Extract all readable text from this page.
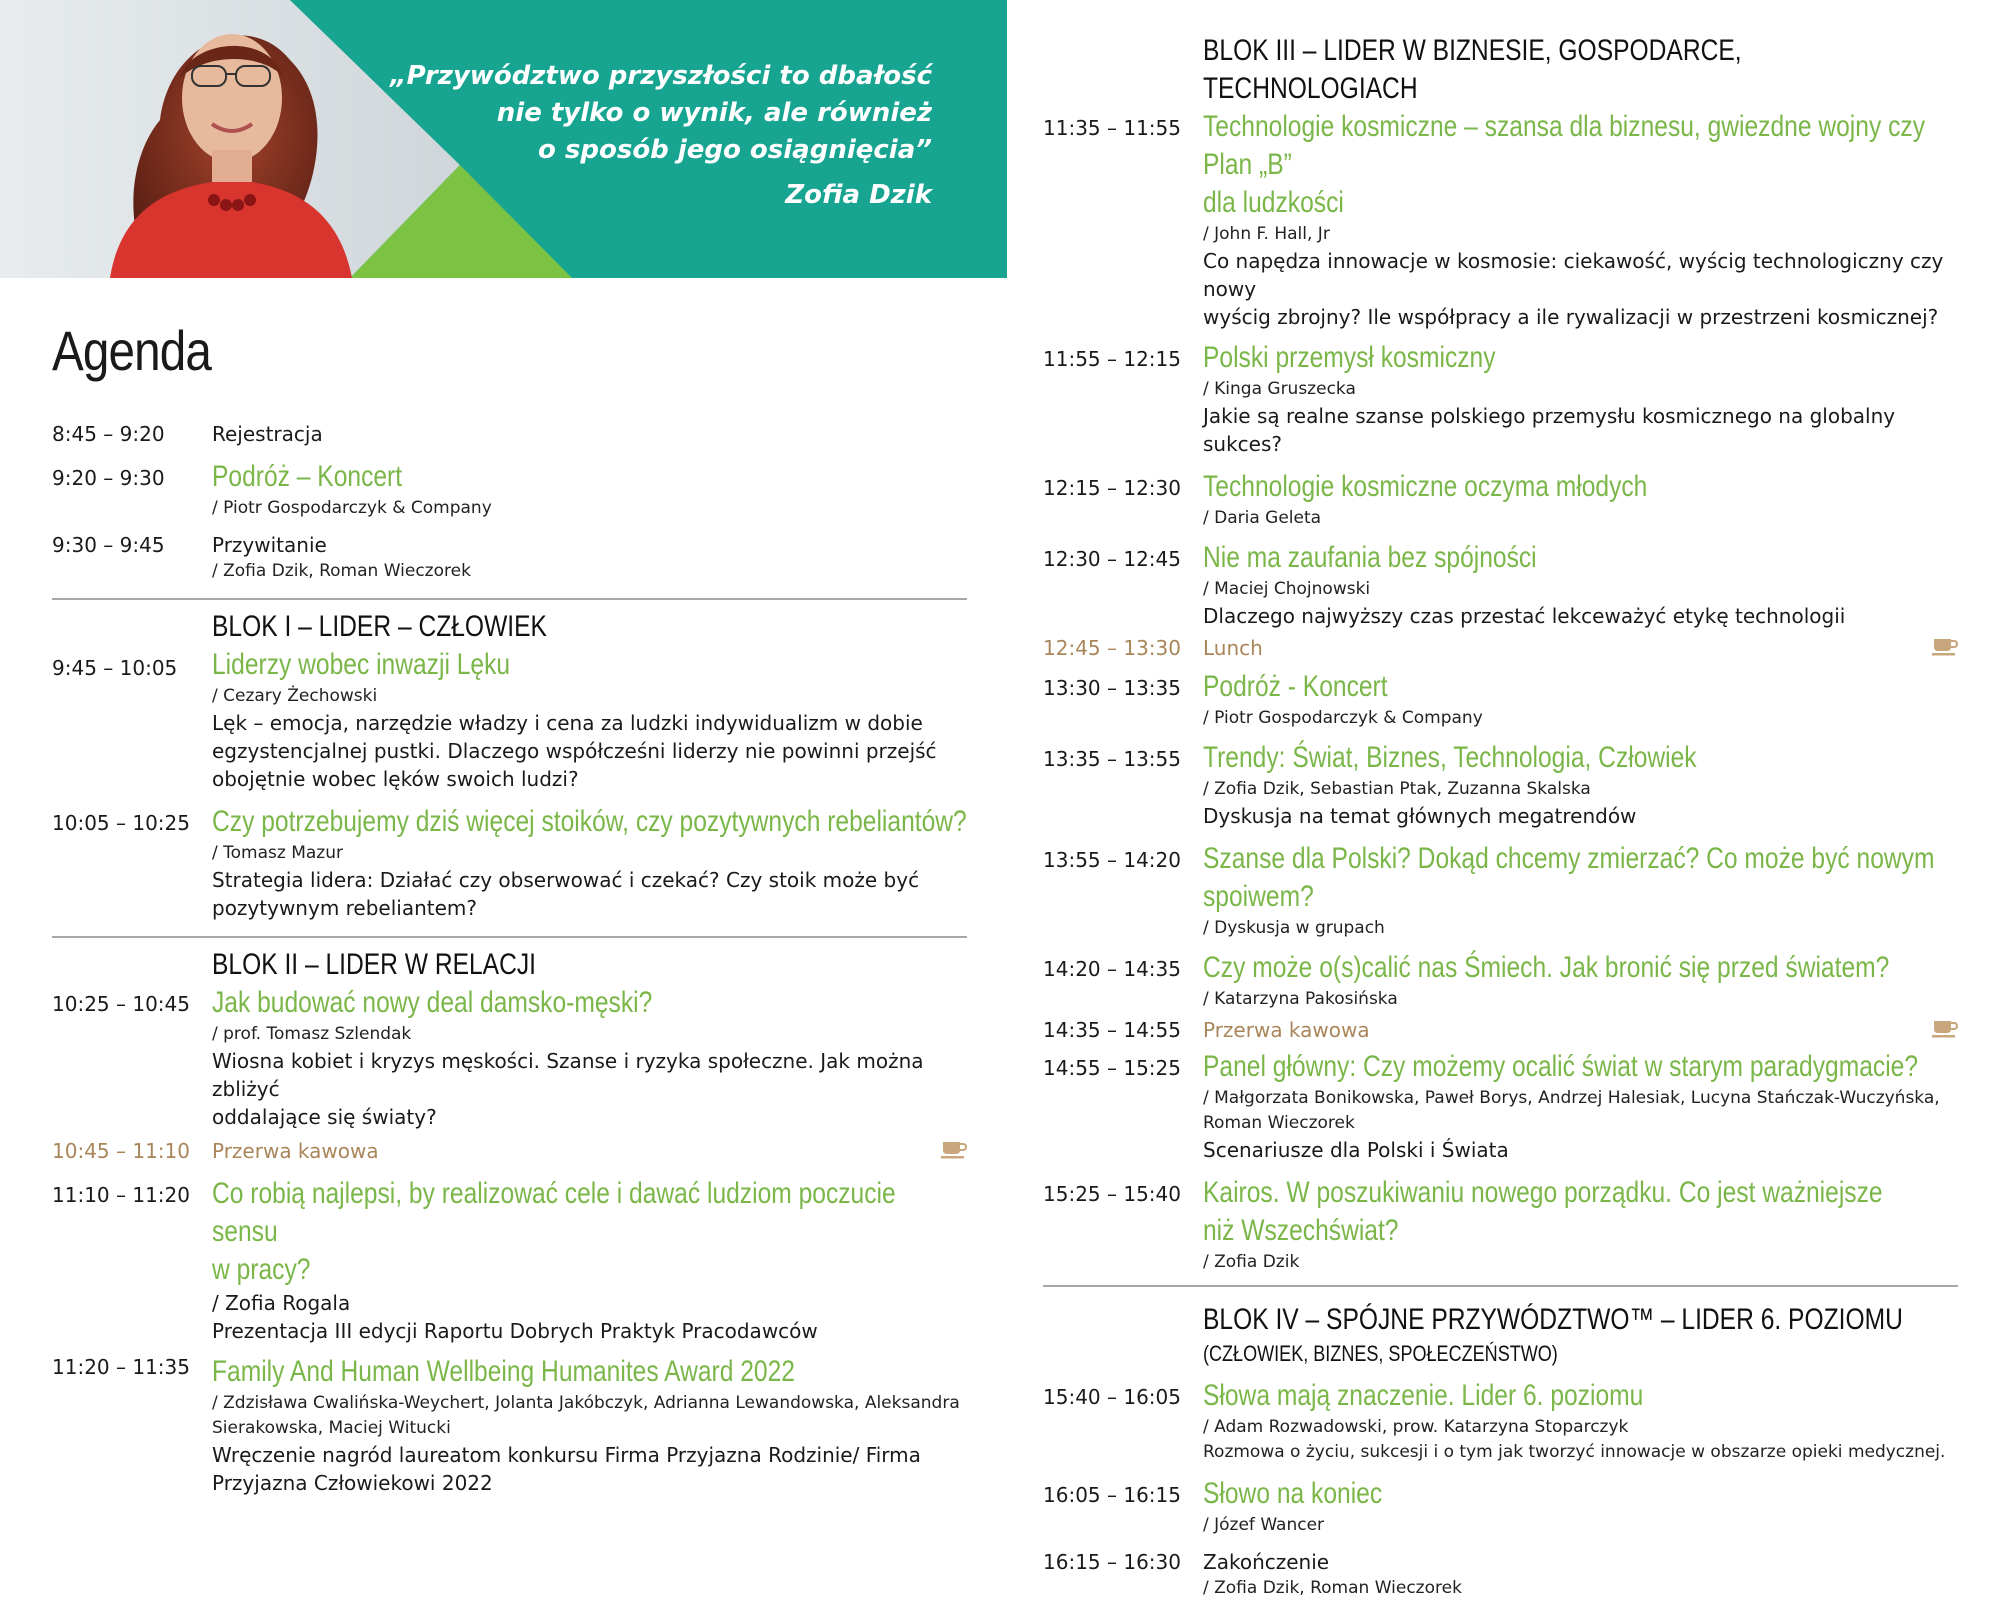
„Przywództwo przyszłości to dbałość
nie tylko o wynik, ale również
o sposób jego osiągnięcia”
Zofia Dzik
Agenda
8:45 – 9:20	Rejestracja
9:20 – 9:30	Podróż – Koncert
/ Piotr Gospodarczyk & Company
9:30 – 9:45	Przywitanie
/ Zofia Dzik, Roman Wieczorek
BLOK I – LIDER – CZŁOWIEK
9:45 – 10:05	Liderzy wobec inwazji Lęku
/ Cezary Żechowski
Lęk – emocja, narzędzie władzy i cena za ludzki indywidualizm w dobie
egzystencjalnej pustki. Dlaczego współcześni liderzy nie powinni przejść
obojętnie wobec lęków swoich ludzi?
10:05 – 10:25 Czy potrzebujemy dziś więcej stoików, czy pozytywnych rebeliantów?
/ Tomasz Mazur
Strategia lidera: Działać czy obserwować i czekać? Czy stoik może być
pozytywnym rebeliantem?
BLOK II – LIDER W RELACJI
10:25 – 10:45 Jak budować nowy deal damsko-męski?
/ prof. Tomasz Szlendak
Wiosna kobiet i kryzys męskości. Szanse i ryzyka społeczne. Jak można zbliżyć
oddalające się światy?
10:45 – 11:10	Przerwa kawowa
11:10 – 11:20 Co robią najlepsi, by realizować cele i dawać ludziom poczucie sensu
w pracy?
/ Zofia Rogala
Prezentacja III edycji Raportu Dobrych Praktyk Pracodawców
11:20 – 11:35 Family And Human Wellbeing Humanites Award 2022
/ Zdzisława Cwalińska-Weychert, Jolanta Jakóbczyk, Adrianna Lewandowska, Aleksandra
Sierakowska, Maciej Witucki
Wręczenie nagród laureatom konkursu Firma Przyjazna Rodzinie/ Firma
Przyjazna Człowiekowi 2022
BLOK III – LIDER W BIZNESIE, GOSPODARCE, TECHNOLOGIACH
11:35 – 11:55 Technologie kosmiczne – szansa dla biznesu, gwiezdne wojny czy Plan „B”
dla ludzkości
/ John F. Hall, Jr
Co napędza innowacje w kosmosie: ciekawość, wyścig technologiczny czy nowy
wyścig zbrojny? Ile współpracy a ile rywalizacji w przestrzeni kosmicznej?
11:55 – 12:15 Polski przemysł kosmiczny
/ Kinga Gruszecka
Jakie są realne szanse polskiego przemysłu kosmicznego na globalny sukces?
12:15 – 12:30 Technologie kosmiczne oczyma młodych
/ Daria Geleta
12:30 – 12:45 Nie ma zaufania bez spójności
/ Maciej Chojnowski
Dlaczego najwyższy czas przestać lekceważyć etykę technologii
12:45 – 13:30	Lunch
13:30 – 13:35 Podróż - Koncert
/ Piotr Gospodarczyk & Company
13:35 – 13:55 Trendy: Świat, Biznes, Technologia, Człowiek
/ Zofia Dzik, Sebastian Ptak, Zuzanna Skalska
Dyskusja na temat głównych megatrendów
13:55 – 14:20 Szanse dla Polski? Dokąd chcemy zmierzać? Co może być nowym spoiwem?
/ Dyskusja w grupach
14:20 – 14:35 Czy może o(s)calić nas Śmiech. Jak bronić się przed światem?
/ Katarzyna Pakosińska
14:35 – 14:55	Przerwa kawowa
14:55 – 15:25 Panel główny: Czy możemy ocalić świat w starym paradygmacie?
/ Małgorzata Bonikowska, Paweł Borys, Andrzej Halesiak, Lucyna Stańczak-Wuczyńska,
Roman Wieczorek
Scenariusze dla Polski i Świata
15:25 – 15:40 Kairos. W poszukiwaniu nowego porządku. Co jest ważniejsze
niż Wszechświat?
/ Zofia Dzik
BLOK IV – SPÓJNE PRZYWÓDZTWO™ – LIDER 6. POZIOMU
(CZŁOWIEK, BIZNES, SPOŁECZEŃSTWO)
15:40 – 16:05 Słowa mają znaczenie. Lider 6. poziomu
/ Adam Rozwadowski, prow. Katarzyna Stoparczyk
Rozmowa o życiu, sukcesji i o tym jak tworzyć innowacje w obszarze opieki medycznej.
16:05 – 16:15 Słowo na koniec
/ Józef Wancer
16:15 – 16:30	Zakończenie
/ Zofia Dzik, Roman Wieczorek
